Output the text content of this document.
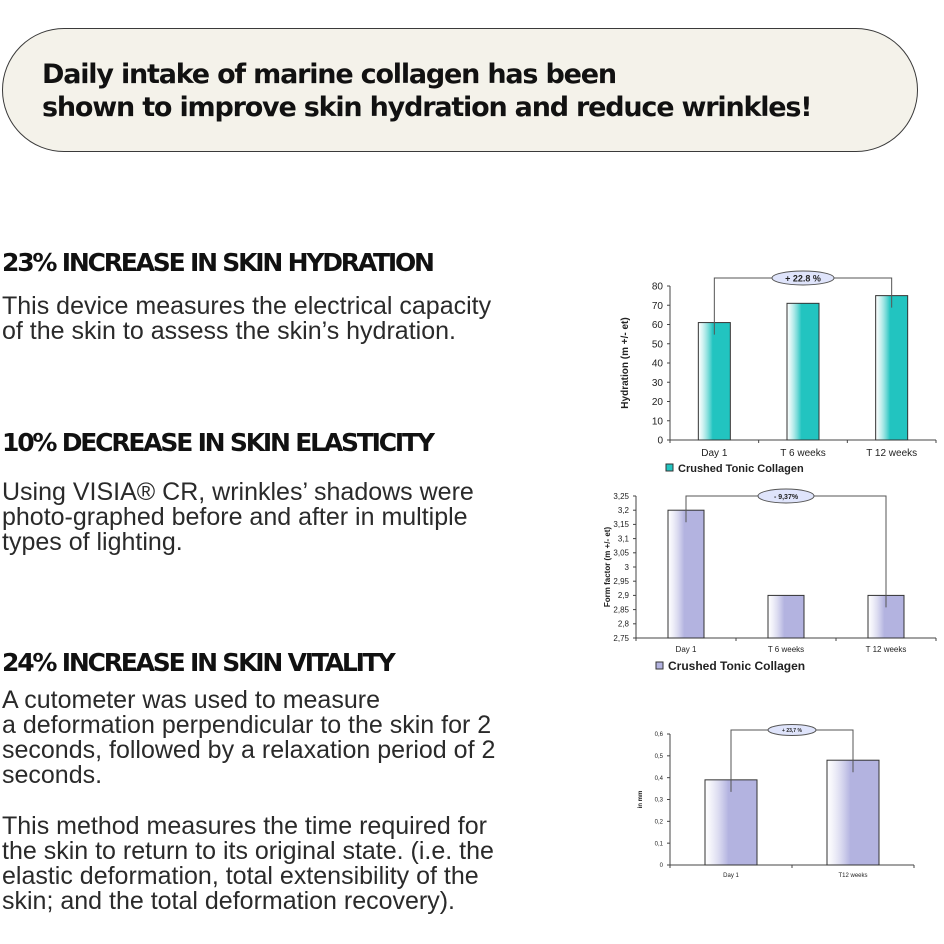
Daily intake of marine collagen has been
shown to improve skin hydration and reduce wrinkles!
23% INCREASE IN SKIN HYDRATION

This device measures the electrical capacity
of the skin to assess the skin’s hydration.

10% DECREASE IN SKIN ELASTICITY

Using VISIA® CR, wrinkles’ shadows were
photo-graphed before and after in multiple
types of lighting.

24% INCREASE IN SKIN VITALITY

A cutometer was used to measure
a deformation perpendicular to the skin for 2
seconds, followed by a relaxation period of 2
seconds.

This method measures the time required for
the skin to return to its original state. (i.e. the
elastic deformation, total extensibility of the
skin; and the total deformation recovery).

0
10
20
30
40
50
60
70
80
Day 1	T 6 weeks	T 12 weeks
Hydration (m +/- et)
+ 22.8 %
Crushed Tonic Collagen
2,75
2,8
2,85
2,9
2,95
3
3,05
3,1
3,15
3,2
3,25
Day 1	T 6 weeks	T 12 weeks
Form factor (m +/- et)
- 9,37%
Crushed Tonic Collagen
0
0,1
0,2
0,3
0,4
0,5
0,6
Day 1	T12 weeks
in mm
+ 23,7 %
